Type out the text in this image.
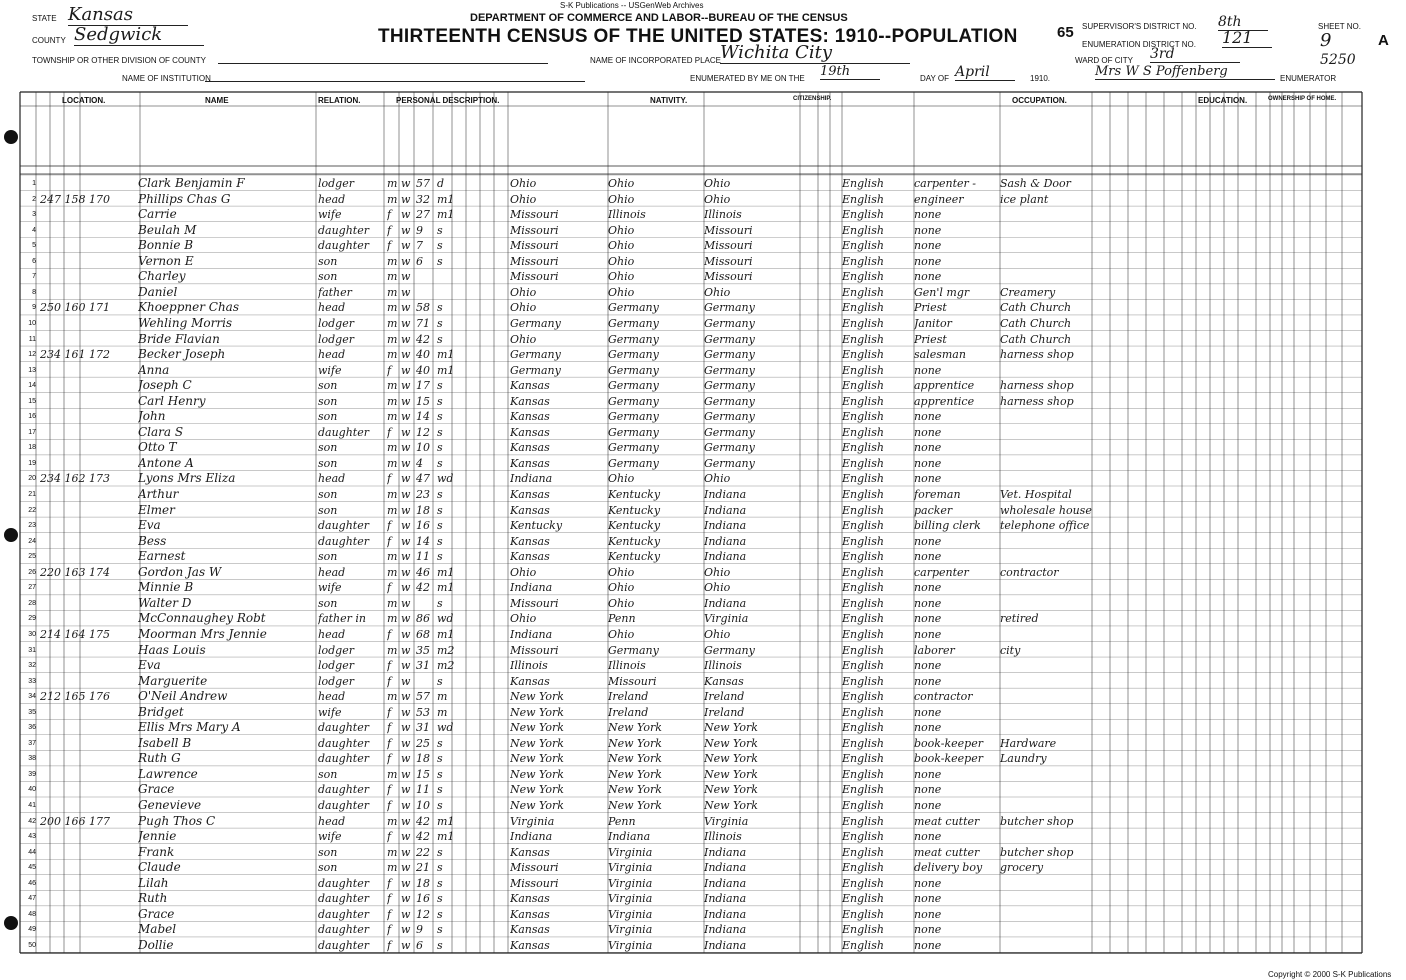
S-K Publications -- USGenWeb Archives
DEPARTMENT OF COMMERCE AND LABOR--BUREAU OF THE CENSUS
THIRTEENTH CENSUS OF THE UNITED STATES: 1910--POPULATION	65
STATE Kansas
COUNTY Sedgwick
TOWNSHIP OR OTHER DIVISION OF COUNTY	NAME OF INCORPORATED PLACE Wichita City	WARD OF CITY 3rd
NAME OF INSTITUTION	ENUMERATED BY ME ON THE 19th	DAY OF April	1910.	Mrs W S Poffenberg	ENUMERATOR
SUPERVISOR'S DISTRICT NO. 8th
ENUMERATION DISTRICT NO. 121
SHEET NO.
9	A
5250
LOCATION.	NAME	RELATION.	PERSONAL DESCRIPTION.	NATIVITY.	CITIZENSHIP.	OCCUPATION.	EDUCATION.	OWNERSHIP OF HOME.
1	Clark Benjamin F	lodger	m w 57 d	Ohio	Ohio	Ohio	English	carpenter -	Sash & Door
2 247 158 170	Phillips Chas G	head	m w 32 m1	Ohio	Ohio	Ohio	English	engineer	ice plant
3	Carrie	wife	f w 27 m1	Missouri	Illinois	Illinois	English	none
4	Beulah M	daughter	f w 9	s	Missouri	Ohio	Missouri	English	none
5	Bonnie B	daughter	f w 7	s	Missouri	Ohio	Missouri	English	none
6	Vernon E	son	m w 6	s	Missouri	Ohio	Missouri	English	none
7	Charley	son	m w	Missouri	Ohio	Missouri	English	none
8	Daniel	father	m w	Ohio	Ohio	Ohio	English	Gen'l mgr	Creamery
9 250 160 171	Khoeppner Chas	head	m w 58 s	Ohio	Germany	Germany	English	Priest	Cath Church
10	Wehling Morris	lodger	m w 71 s	Germany	Germany	Germany	English	Janitor	Cath Church
11	Bride Flavian	lodger	m w 42 s	Ohio	Germany	Germany	English	Priest	Cath Church
12 234 161 172	Becker Joseph	head	m w 40 m1	Germany	Germany	Germany	English	salesman	harness shop
13	Anna	wife	f w 40 m1	Germany	Germany	Germany	English	none
14	Joseph C	son	m w 17 s	Kansas	Germany	Germany	English	apprentice	harness shop
15	Carl Henry	son	m w 15 s	Kansas	Germany	Germany	English	apprentice	harness shop
16	John	son	m w 14 s	Kansas	Germany	Germany	English	none
17	Clara S	daughter	f w 12 s	Kansas	Germany	Germany	English	none
18	Otto T	son	m w 10 s	Kansas	Germany	Germany	English	none
19	Antone A	son	m w 4	s	Kansas	Germany	Germany	English	none
20 234 162 173	Lyons Mrs Eliza	head	f w 47 wd	Indiana	Ohio	Ohio	English	none
21	Arthur	son	m w 23 s	Kansas	Kentucky	Indiana	English	foreman	Vet. Hospital
22	Elmer	son	m w 18 s	Kansas	Kentucky	Indiana	English	packer	wholesale house
23	Eva	daughter	f w 16 s	Kentucky	Kentucky	Indiana	English	billing clerk	telephone office
24	Bess	daughter	f w 14 s	Kansas	Kentucky	Indiana	English	none
25	Earnest	son	m w 11 s	Kansas	Kentucky	Indiana	English	none
26 220 163 174	Gordon Jas W	head	m w 46 m1	Ohio	Ohio	Ohio	English	carpenter	contractor
27	Minnie B	wife	f w 42 m1	Indiana	Ohio	Ohio	English	none
28	Walter D	son	m w s	Missouri	Ohio	Indiana	English	none
29	McConnaughey Robt	father in	m w 86 wd	Ohio	Penn	Virginia	English	none	retired
30 214 164 175	Moorman Mrs Jennie	head	f w 68 m1	Indiana	Ohio	Ohio	English	none
31	Haas Louis	lodger	m w 35 m2	Missouri	Germany	Germany	English	laborer	city
32	Eva	lodger	f w 31 m2	Illinois	Illinois	Illinois	English	none
33	Marguerite	lodger	f w s	Kansas	Missouri	Kansas	English	none
34 212 165 176	O'Neil Andrew	head	m w 57 m	New York	Ireland	Ireland	English	contractor
35	Bridget	wife	f w 53 m	New York	Ireland	Ireland	English	none
36	Ellis Mrs Mary A	daughter	f w 31 wd	New York	New York	New York	English	none
37	Isabell B	daughter	f w 25 s	New York	New York	New York	English	book-keeper	Hardware
38	Ruth G	daughter	f w 18 s	New York	New York	New York	English	book-keeper	Laundry
39	Lawrence	son	m w 15 s	New York	New York	New York	English	none
40	Grace	daughter	f w 11 s	New York	New York	New York	English	none
41	Genevieve	daughter	f w 10 s	New York	New York	New York	English	none
42 200 166 177	Pugh Thos C	head	m w 42 m1	Virginia	Penn	Virginia	English	meat cutter	butcher shop
43	Jennie	wife	f w 42 m1	Indiana	Indiana	Illinois	English	none
44	Frank	son	m w 22 s	Kansas	Virginia	Indiana	English	meat cutter	butcher shop
45	Claude	son	m w 21 s	Missouri	Virginia	Indiana	English	delivery boy	grocery
46	Lilah	daughter	f w 18 s	Missouri	Virginia	Indiana	English	none
47	Ruth	daughter	f w 16 s	Kansas	Virginia	Indiana	English	none
48	Grace	daughter	f w 12 s	Kansas	Virginia	Indiana	English	none
49	Mabel	daughter	f w 9	s	Kansas	Virginia	Indiana	English	none
50	Dollie	daughter	f w 6	s	Kansas	Virginia	Indiana	English	none
Copyright © 2000 S-K Publications
